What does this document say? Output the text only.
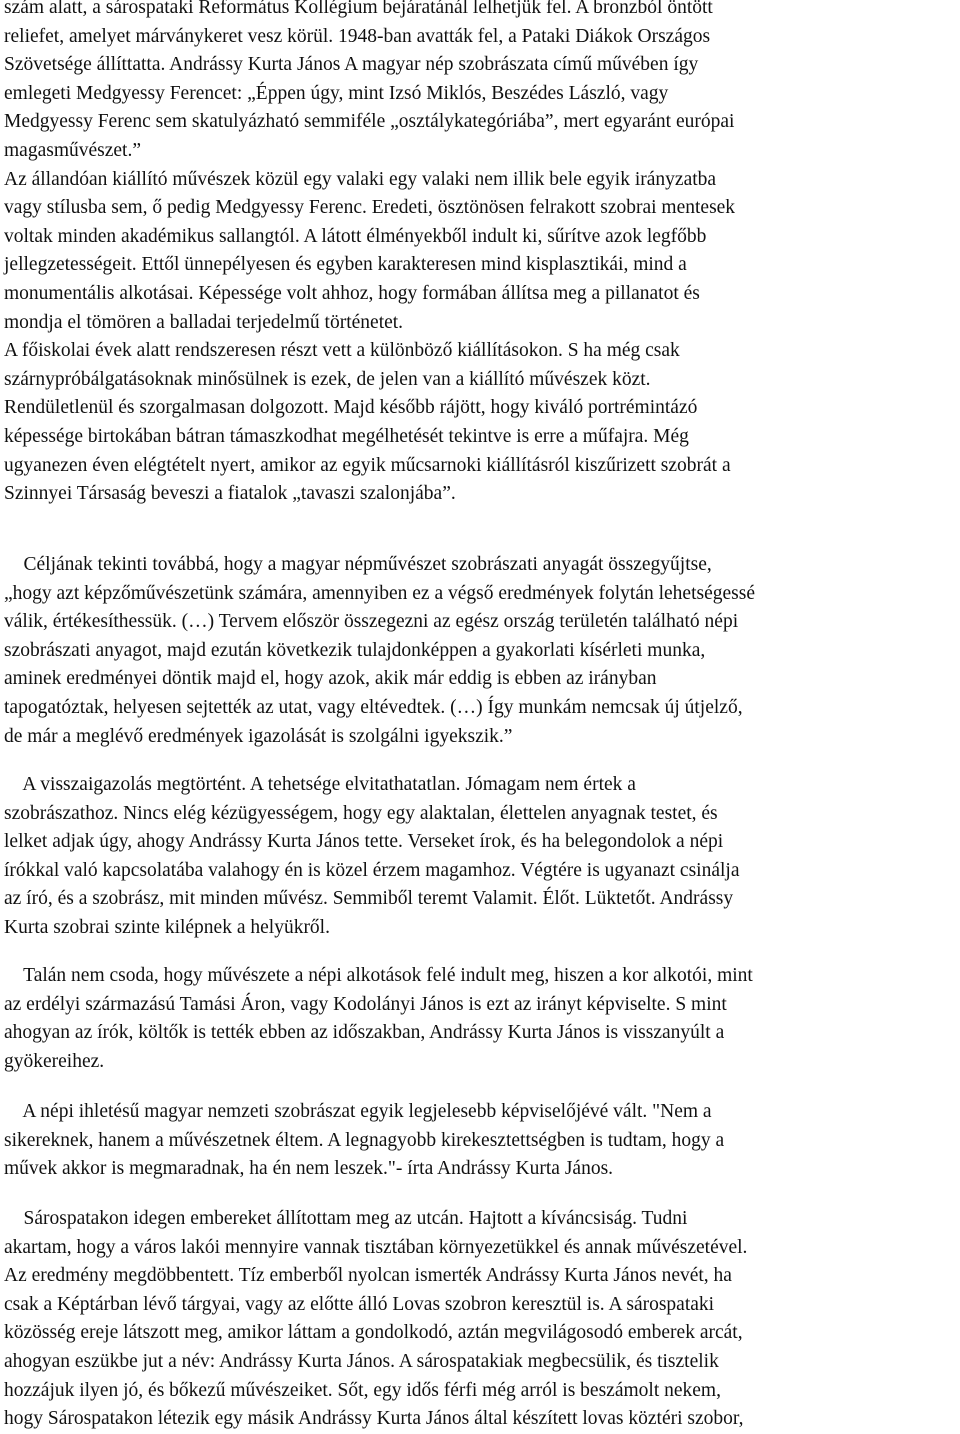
szám alatt, a sárospataki Református Kollégium bejáratánál lelhetjük fel. A bronzból öntött
reliefet, amelyet márványkeret vesz körül. 1948-ban avatták fel, a Pataki Diákok Országos
Szövetsége állíttatta. Andrássy Kurta János A magyar nép szobrászata című művében így
emlegeti Medgyessy Ferencet: „Éppen úgy, mint Izsó Miklós, Beszédes László, vagy
Medgyessy Ferenc sem skatulyázható semmiféle „osztálykategóriába”, mert egyaránt európai
magasművészet.”
Az állandóan kiállító művészek közül egy valaki egy valaki nem illik bele egyik irányzatba
vagy stílusba sem, ő pedig Medgyessy Ferenc. Eredeti, ösztönösen felrakott szobrai mentesek
voltak minden akadémikus sallangtól. A látott élményekből indult ki, sűrítve azok legfőbb
jellegzetességeit. Ettől ünnepélyesen és egyben karakteresen mind kisplasztikái, mind a
monumentális alkotásai. Képessége volt ahhoz, hogy formában állítsa meg a pillanatot és
mondja el tömören a balladai terjedelmű történetet.
A főiskolai évek alatt rendszeresen részt vett a különböző kiállításokon. S ha még csak
szárnypróbálgatásoknak minősülnek is ezek, de jelen van a kiállító művészek közt.
Rendületlenül és szorgalmasan dolgozott. Majd később rájött, hogy kiváló portrémintázó
képessége birtokában bátran támaszkodhat megélhetését tekintve is erre a műfajra. Még
ugyanezen éven elégtételt nyert, amikor az egyik műcsarnoki kiállításról kiszűrizett szobrát a
Szinnyei Társaság beveszi a fiatalok „tavaszi szalonjába”.
Céljának tekinti továbbá, hogy a magyar népművészet szobrászati anyagát összegyűjtse,
„hogy azt képzőművészetünk számára, amennyiben ez a végső eredmények folytán lehetségessé
válik, értékesíthessük. (…) Tervem először összegezni az egész ország területén található népi
szobrászati anyagot, majd ezután következik tulajdonképpen a gyakorlati kísérleti munka,
aminek eredményei döntik majd el, hogy azok, akik már eddig is ebben az irányban
tapogatóztak, helyesen sejtették az utat, vagy eltévedtek. (…) Így munkám nemcsak új útjelző,
de már a meglévő eredmények igazolását is szolgálni igyekszik.”
A visszaigazolás megtörtént. A tehetsége elvitathatatlan. Jómagam nem értek a
szobrászathoz. Nincs elég kézügyességem, hogy egy alaktalan, élettelen anyagnak testet, és
lelket adjak úgy, ahogy Andrássy Kurta János tette. Verseket írok, és ha belegondolok a népi
írókkal való kapcsolatába valahogy én is közel érzem magamhoz. Végtére is ugyanazt csinálja
az író, és a szobrász, mit minden művész. Semmiből teremt Valamit. Élőt. Lüktetőt. Andrássy
Kurta szobrai szinte kilépnek a helyükről.
Talán nem csoda, hogy művészete a népi alkotások felé indult meg, hiszen a kor alkotói, mint
az erdélyi származású Tamási Áron, vagy Kodolányi János is ezt az irányt képviselte. S mint
ahogyan az írók, költők is tették ebben az időszakban, Andrássy Kurta János is visszanyúlt a
gyökereihez.
A népi ihletésű magyar nemzeti szobrászat egyik legjelesebb képviselőjévé vált. "Nem a
sikereknek, hanem a művészetnek éltem. A legnagyobb kirekesztettségben is tudtam, hogy a
művek akkor is megmaradnak, ha én nem leszek."- írta Andrássy Kurta János.
Sárospatakon idegen embereket állítottam meg az utcán. Hajtott a kíváncsiság. Tudni
akartam, hogy a város lakói mennyire vannak tisztában környezetükkel és annak művészetével.
Az eredmény megdöbbentett. Tíz emberből nyolcan ismerték Andrássy Kurta János nevét, ha
csak a Képtárban lévő tárgyai, vagy az előtte álló Lovas szobron keresztül is. A sárospataki
közösség ereje látszott meg, amikor láttam a gondolkodó, aztán megvilágosodó emberek arcát,
ahogyan eszükbe jut a név: Andrássy Kurta János. A sárospatakiak megbecsülik, és tisztelik
hozzájuk ilyen jó, és bőkezű művészeiket. Sőt, egy idős férfi még arról is beszámolt nekem,
hogy Sárospatakon létezik egy másik Andrássy Kurta János által készített lovas köztéri szobor,
